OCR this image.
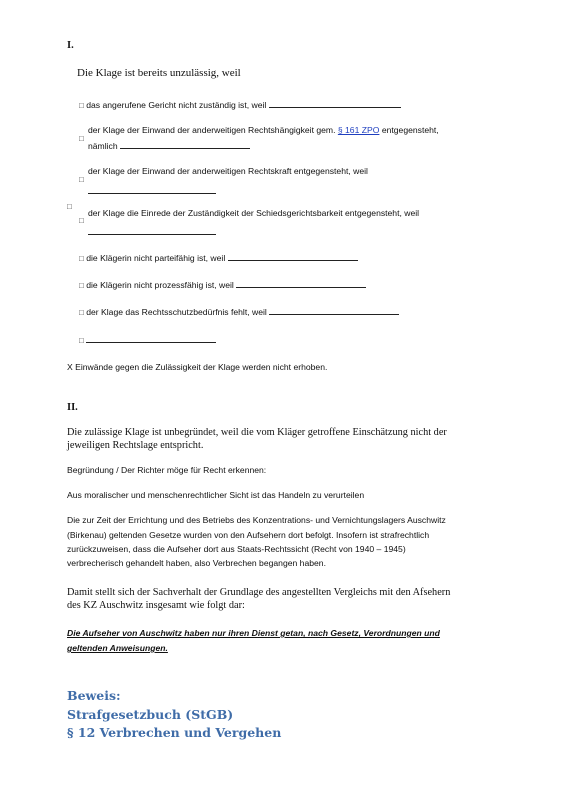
I.
Die Klage ist bereits unzulässig, weil
□ das angerufene Gericht nicht zuständig ist, weil
□
der Klage der Einwand der anderweitigen Rechtshängigkeit gem. § 161 ZPO entgegensteht,
nämlich
□
der Klage der Einwand der anderweitigen Rechtskraft entgegensteht, weil
□
□
der Klage die Einrede der Zuständigkeit der Schiedsgerichtsbarkeit entgegensteht, weil
□ die Klägerin nicht parteifähig ist, weil
□ die Klägerin nicht prozessfähig ist, weil
□ der Klage das Rechtsschutzbedürfnis fehlt, weil
□
X Einwände gegen die Zulässigkeit der Klage werden nicht erhoben.
II.
Die zulässige Klage ist unbegründet, weil die vom Kläger getroffene Einschätzung nicht der
jeweiligen Rechtslage entspricht.
Begründung / Der Richter möge für Recht erkennen:
Aus moralischer und menschenrechtlicher Sicht ist das Handeln zu verurteilen
Die zur Zeit der Errichtung und des Betriebs des Konzentrations- und Vernichtungslagers Auschwitz
(Birkenau) geltenden Gesetze wurden von den Aufsehern dort befolgt. Insofern ist strafrechtlich
zurückzuweisen, dass die Aufseher dort aus Staats-Rechtssicht (Recht von 1940 – 1945)
verbrecherisch gehandelt haben, also Verbrechen begangen haben.
Damit stellt sich der Sachverhalt der Grundlage des angestellten Vergleichs mit den Afsehern
des KZ Auschwitz insgesamt wie folgt dar:
Die Aufseher von Auschwitz haben nur ihren Dienst getan, nach Gesetz, Verordnungen und
geltenden Anweisungen.
Beweis:
Strafgesetzbuch (StGB)
§ 12 Verbrechen und Vergehen
